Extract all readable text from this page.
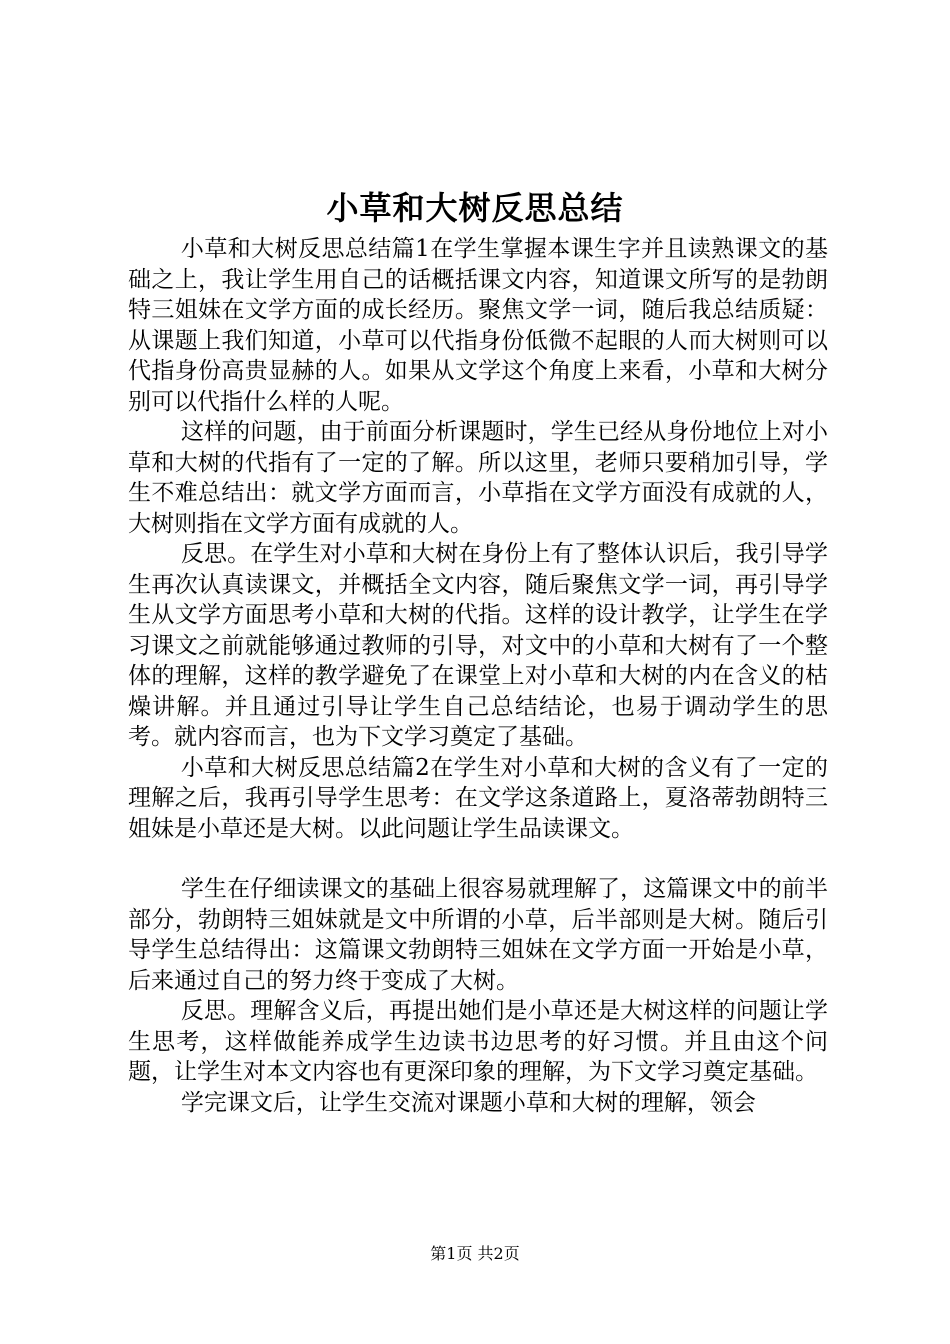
小草和大树反思总结

小草和大树反思总结篇1在学生掌握本课生字并且读熟课文的基础之上，我让学生用自己的话概括课文内容，知道课文所写的是勃朗特三姐妹在文学方面的成长经历。聚焦文学一词，随后我总结质疑：从课题上我们知道，小草可以代指身份低微不起眼的人而大树则可以代指身份高贵显赫的人。如果从文学这个角度上来看，小草和大树分别可以代指什么样的人呢。

这样的问题，由于前面分析课题时，学生已经从身份地位上对小草和大树的代指有了一定的了解。所以这里，老师只要稍加引导，学生不难总结出：就文学方面而言，小草指在文学方面没有成就的人，大树则指在文学方面有成就的人。

反思。在学生对小草和大树在身份上有了整体认识后，我引导学生再次认真读课文，并概括全文内容，随后聚焦文学一词，再引导学生从文学方面思考小草和大树的代指。这样的设计教学，让学生在学习课文之前就能够通过教师的引导，对文中的小草和大树有了一个整体的理解，这样的教学避免了在课堂上对小草和大树的内在含义的枯燥讲解。并且通过引导让学生自己总结结论，也易于调动学生的思考。就内容而言，也为下文学习奠定了基础。

小草和大树反思总结篇2在学生对小草和大树的含义有了一定的理解之后，我再引导学生思考：在文学这条道路上，夏洛蒂勃朗特三姐妹是小草还是大树。以此问题让学生品读课文。

学生在仔细读课文的基础上很容易就理解了，这篇课文中的前半部分，勃朗特三姐妹就是文中所谓的小草，后半部则是大树。随后引导学生总结得出：这篇课文勃朗特三姐妹在文学方面一开始是小草，后来通过自己的努力终于变成了大树。

反思。理解含义后，再提出她们是小草还是大树这样的问题让学生思考，这样做能养成学生边读书边思考的好习惯。并且由这个问题，让学生对本文内容也有更深印象的理解，为下文学习奠定基础。

学完课文后，让学生交流对课题小草和大树的理解，领会

第1页 共2页
